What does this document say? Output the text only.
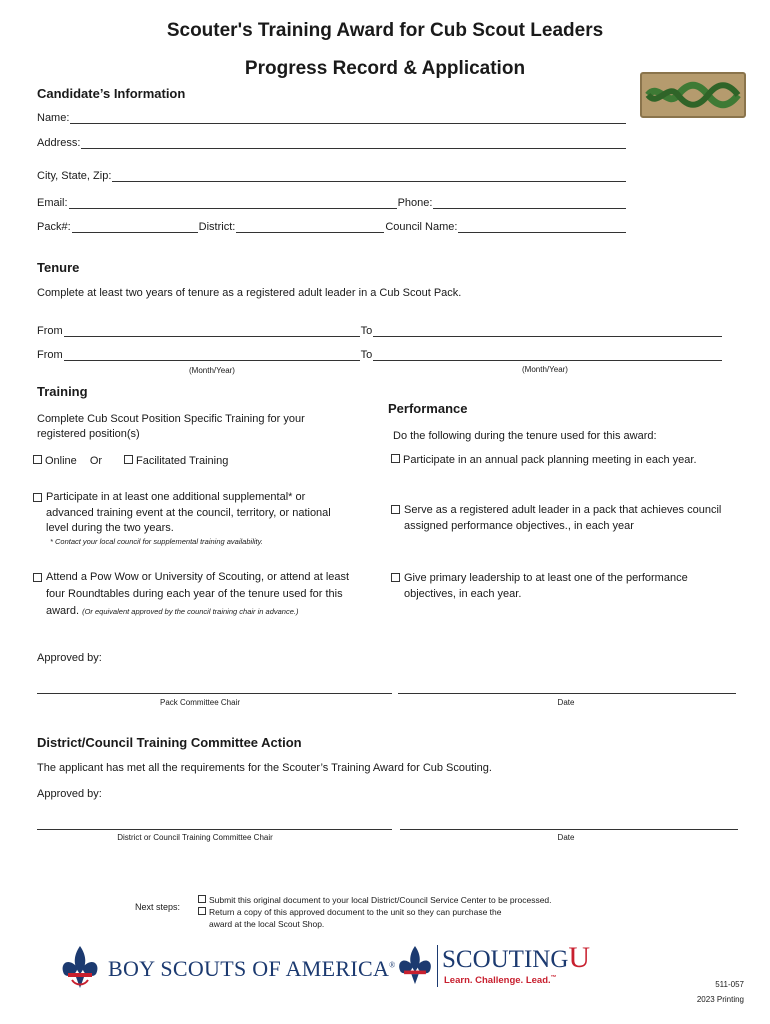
Scouter's Training Award for Cub Scout Leaders
Progress Record & Application
Candidate’s Information
Name:
Address:
City, State, Zip:
Email:	Phone:
Pack#:	District:	Council Name:
Tenure
Complete at least two years of tenure as a registered adult leader in a Cub Scout Pack.
From	To
From	To
(Month/Year)	(Month/Year)
Training
Complete Cub Scout Position Specific Training for your registered position(s)
Online Or	Facilitated Training
Participate in at least one additional supplemental* or advanced training event at the council, territory, or national level during the two years.
* Contact your local council for supplemental training availability.
Attend a Pow Wow or University of Scouting, or attend at least four Roundtables during each year of the tenure used for this award. (Or equivalent approved by the council training chair in advance.)
Performance
Do the following during the tenure used for this award:
Participate in an annual pack planning meeting in each year.
Serve as a registered adult leader in a pack that achieves council assigned performance objectives., in each year
Give primary leadership to at least one of the performance objectives, in each year.
Approved by:
Pack Committee Chair	Date
District/Council Training Committee Action
The applicant has met all the requirements for the Scouter’s Training Award for Cub Scouting.
Approved by:
District or Council Training Committee Chair	Date
Next steps:
Submit this original document to your local District/Council Service Center to be processed.
Return a copy of this approved document to the unit so they can purchase the
award at the local Scout Shop.
BOY SCOUTS OF AMERICA® SCOUTINGU
Learn. Challenge. Lead.™
511-057
2023 Printing
